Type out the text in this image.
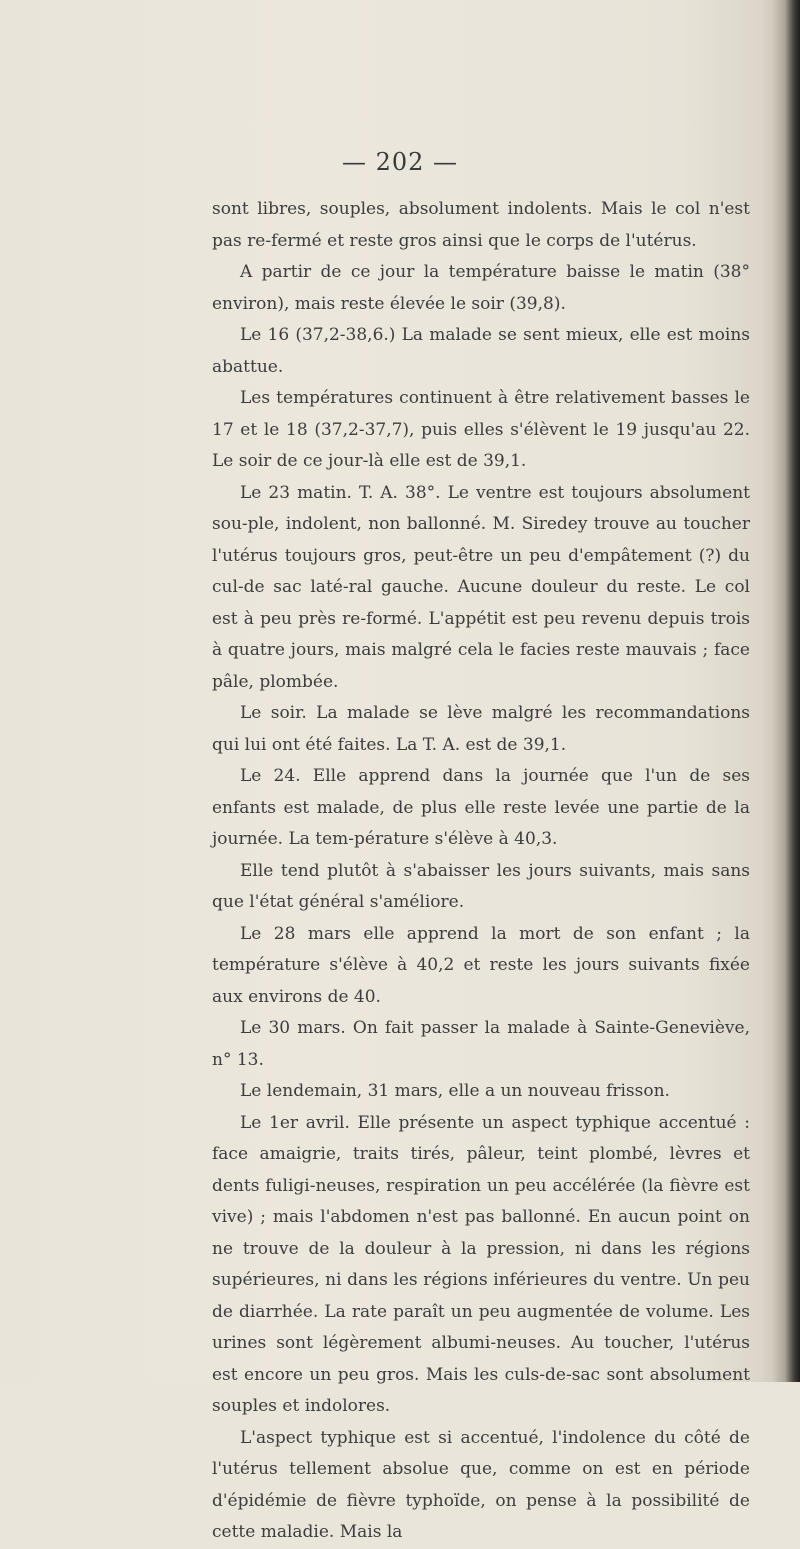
— 202 —

sont libres, souples, absolument indolents. Mais le col n'est pas re-fermé et reste gros ainsi que le corps de l'utérus.

A partir de ce jour la température baisse le matin (38° environ), mais reste élevée le soir (39,8).

Le 16 (37,2-38,6.) La malade se sent mieux, elle est moins abattue.

Les températures continuent à être relativement basses le 17 et le 18 (37,2-37,7), puis elles s'élèvent le 19 jusqu'au 22. Le soir de ce jour-là elle est de 39,1.

Le 23 matin. T. A. 38°. Le ventre est toujours absolument sou-ple, indolent, non ballonné. M. Siredey trouve au toucher l'utérus toujours gros, peut-être un peu d'empâtement (?) du cul-de sac laté-ral gauche. Aucune douleur du reste. Le col est à peu près re-formé. L'appétit est peu revenu depuis trois à quatre jours, mais malgré cela le facies reste mauvais ; face pâle, plombée.

Le soir. La malade se lève malgré les recommandations qui lui ont été faites. La T. A. est de 39,1.

Le 24. Elle apprend dans la journée que l'un de ses enfants est malade, de plus elle reste levée une partie de la journée. La tem-pérature s'élève à 40,3.

Elle tend plutôt à s'abaisser les jours suivants, mais sans que l'état général s'améliore.

Le 28 mars elle apprend la mort de son enfant ; la température s'élève à 40,2 et reste les jours suivants fixée aux environs de 40.

Le 30 mars. On fait passer la malade à Sainte-Geneviève, n° 13.

Le lendemain, 31 mars, elle a un nouveau frisson.

Le 1er avril. Elle présente un aspect typhique accentué : face amaigrie, traits tirés, pâleur, teint plombé, lèvres et dents fuligi-neuses, respiration un peu accélérée (la fièvre est vive) ; mais l'abdomen n'est pas ballonné. En aucun point on ne trouve de la douleur à la pression, ni dans les régions supérieures, ni dans les régions inférieures du ventre. Un peu de diarrhée. La rate paraît un peu augmentée de volume. Les urines sont légèrement albumi-neuses. Au toucher, l'utérus est encore un peu gros. Mais les culs-de-sac sont absolument souples et indolores.

L'aspect typhique est si accentué, l'indolence du côté de l'utérus tellement absolue que, comme on est en période d'épidémie de fièvre typhoïde, on pense à la possibilité de cette maladie. Mais la
